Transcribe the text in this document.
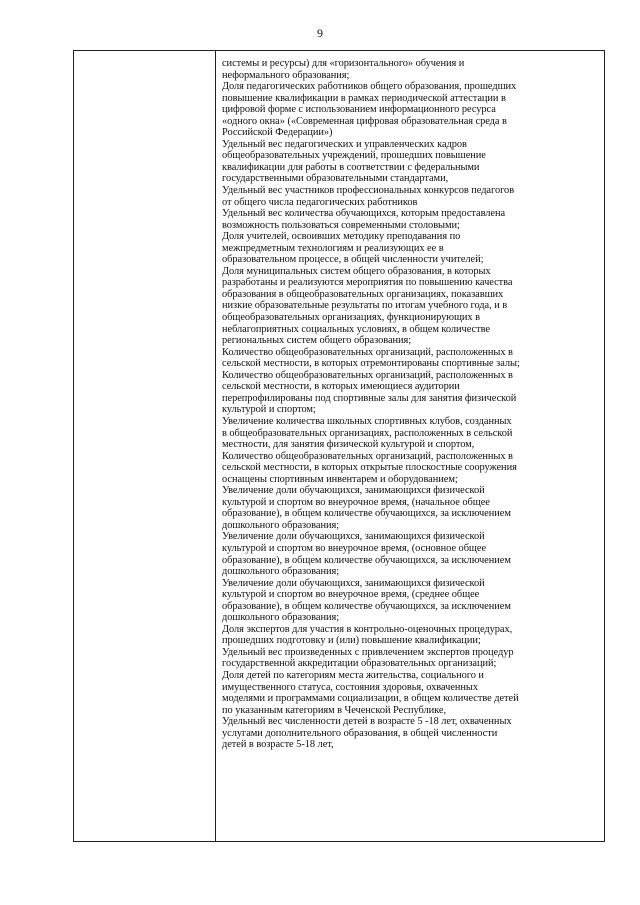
9
системы и ресурсы) для «горизонтального» обучения и
неформального образования;
Доля педагогических работников общего образования, прошедших
повышение квалификации в рамках периодической аттестации в
цифровой форме с использованием информационного ресурса
«одного окна» («Современная цифровая образовательная среда в
Российской Федерации»)
Удельный вес педагогических и управленческих кадров
общеобразовательных учреждений, прошедших повышение
квалификации для работы в соответствии с федеральными
государственными образовательными стандартами,
Удельный вес участников профессиональных конкурсов педагогов
от общего числа педагогических работников
Удельный вес количества обучающихся, которым предоставлена
возможность пользоваться современными столовыми;
Доля учителей, освоивших методику преподавания по
межпредметным технологиям и реализующих ее в
образовательном процессе, в общей численности учителей;
Доля муниципальных систем общего образования, в которых
разработаны и реализуются мероприятия по повышению качества
образования в общеобразовательных организациях, показавших
низкие образовательные результаты по итогам учебного года, и в
общеобразовательных организациях, функционирующих в
неблагоприятных социальных условиях, в общем количестве
региональных систем общего образования;
Количество общеобразовательных организаций, расположенных в
сельской местности, в которых отремонтированы спортивные залы;
Количество общеобразовательных организаций, расположенных в
сельской местности, в которых имеющиеся аудитории
перепрофилированы под спортивные залы для занятия физической
культурой и спортом;
Увеличение количества школьных спортивных клубов, созданных
в общеобразовательных организациях, расположенных в сельской
местности, для занятия физической культурой и спортом,
Количество общеобразовательных организаций, расположенных в
сельской местности, в которых открытые плоскостные сооружения
оснащены спортивным инвентарем и оборудованием;
Увеличение доли обучающихся, занимающихся физической
культурой и спортом во внеурочное время, (начальное общее
образование), в общем количестве обучающихся, за исключением
дошкольного образования;
Увеличение доли обучающихся, занимающихся физической
культурой и спортом во внеурочное время, (основное общее
образование), в общем количестве обучающихся, за исключением
дошкольного образования;
Увеличение доли обучающихся, занимающихся физической
культурой и спортом во внеурочное время, (среднее общее
образование), в общем количестве обучающихся, за исключением
дошкольного образования;
Доля экспертов для участия в контрольно-оценочных процедурах,
прошедших подготовку и (или) повышение квалификации;
Удельный вес произведенных с привлечением экспертов процедур
государственной аккредитации образовательных организаций;
Доля детей по категориям места жительства, социального и
имущественного статуса, состояния здоровья, охваченных
моделями и программами социализации, в общем количестве детей
по указанным категориям в Чеченской Республике,
Удельный вес численности детей в возрасте 5 -18 лет, охваченных
услугами дополнительного образования, в общей численности
детей в возрасте 5-18 лет,
